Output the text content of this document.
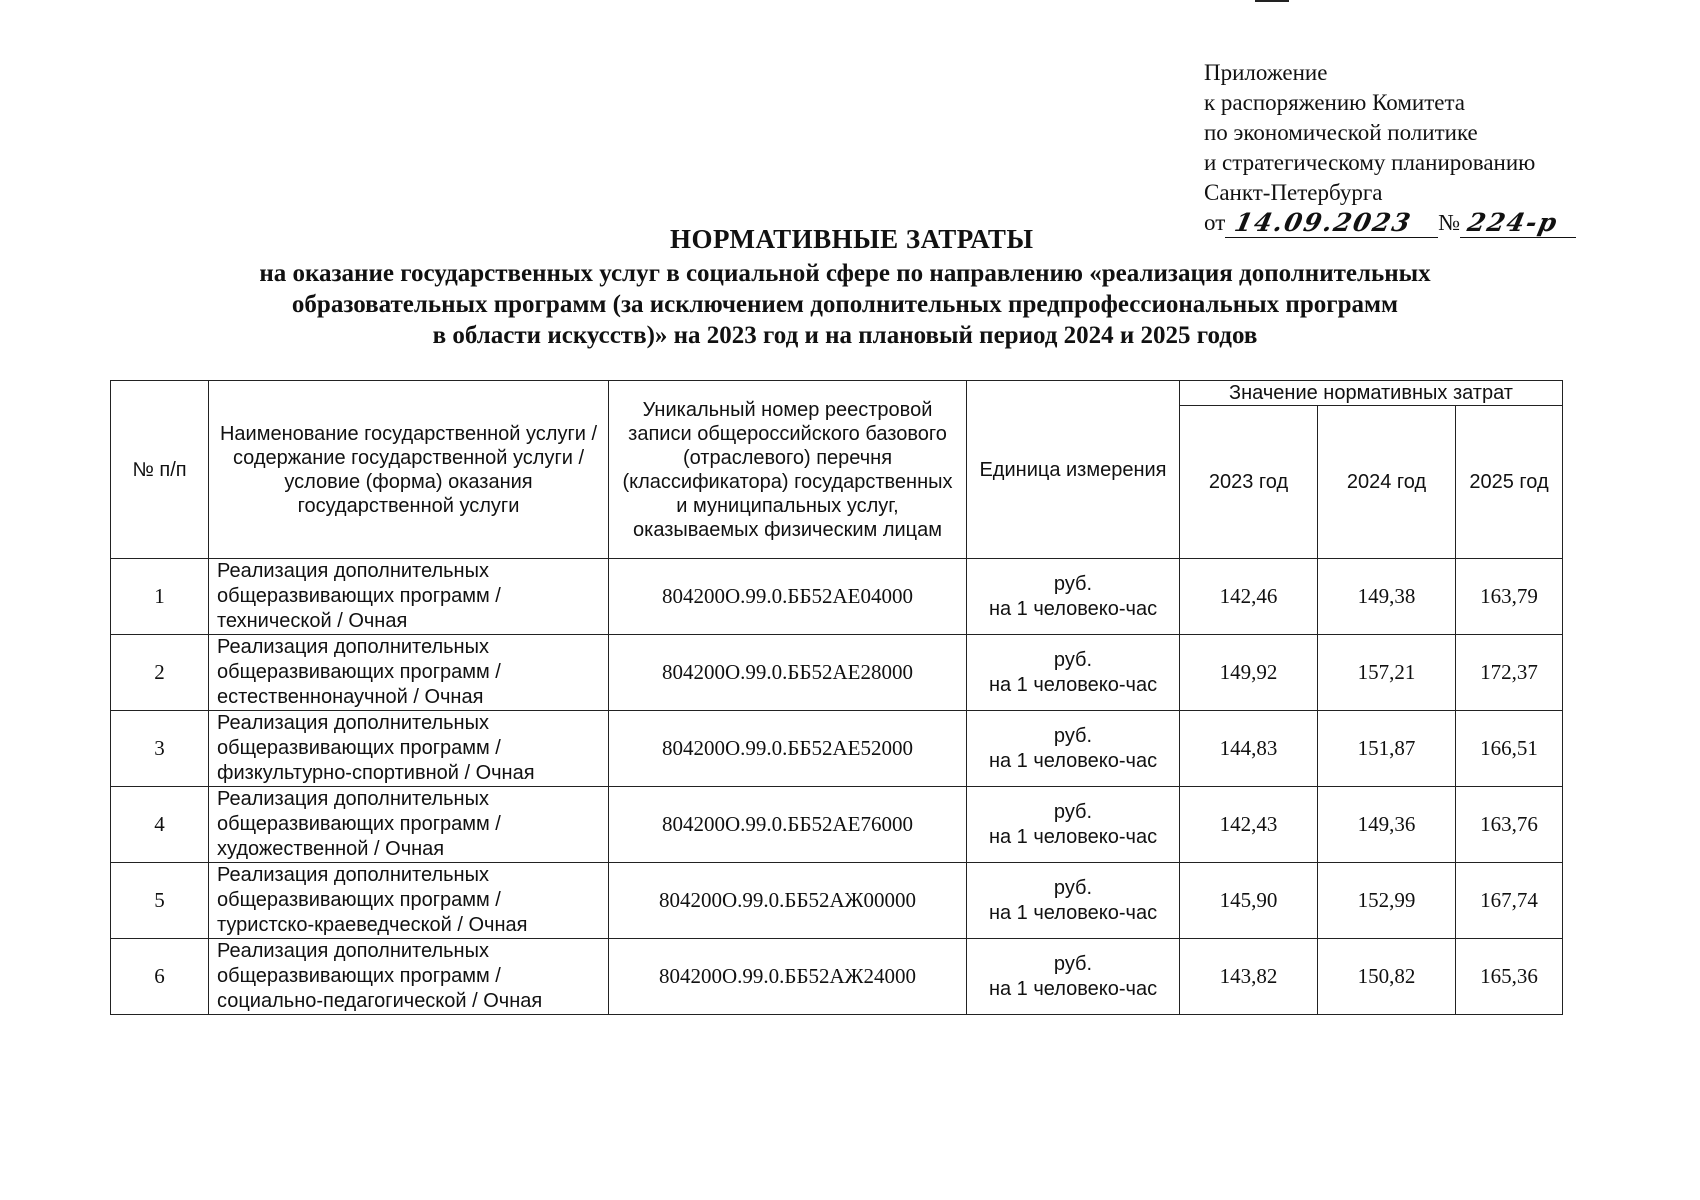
Приложение
к распоряжению Комитета
по экономической политике
и стратегическому планированию
Санкт-Петербурга
от 14.09.2023 № 224-р

НОРМАТИВНЫЕ ЗАТРАТЫ

на оказание государственных услуг в социальной сфере по направлению «реализация дополнительных
образовательных программ (за исключением дополнительных предпрофессиональных программ
в области искусств)» на 2023 год и на плановый период 2024 и 2025 годов

№ п/п	Наименование государственной услуги / содержание государственной услуги / условие (форма) оказания государственной услуги	Уникальный номер реестровой записи общероссийского базового (отраслевого) перечня (классификатора) государственных и муниципальных услуг, оказываемых физическим лицам	Единица измерения	Значение нормативных затрат		
				2023 год	2024 год	2025 год
1	Реализация дополнительных общеразвивающих программ / технической / Очная	804200О.99.0.ББ52АЕ04000	руб.
на 1 человеко-час	142,46	149,38	163,79
2	Реализация дополнительных общеразвивающих программ / естественнонаучной / Очная	804200О.99.0.ББ52АЕ28000	руб.
на 1 человеко-час	149,92	157,21	172,37
3	Реализация дополнительных общеразвивающих программ / физкультурно-спортивной / Очная	804200О.99.0.ББ52АЕ52000	руб.
на 1 человеко-час	144,83	151,87	166,51
4	Реализация дополнительных общеразвивающих программ / художественной / Очная	804200О.99.0.ББ52АЕ76000	руб.
на 1 человеко-час	142,43	149,36	163,76
5	Реализация дополнительных общеразвивающих программ / туристско-краеведческой / Очная	804200О.99.0.ББ52АЖ00000	руб.
на 1 человеко-час	145,90	152,99	167,74
6	Реализация дополнительных общеразвивающих программ / социально-педагогической / Очная	804200О.99.0.ББ52АЖ24000	руб.
на 1 человеко-час	143,82	150,82	165,36
